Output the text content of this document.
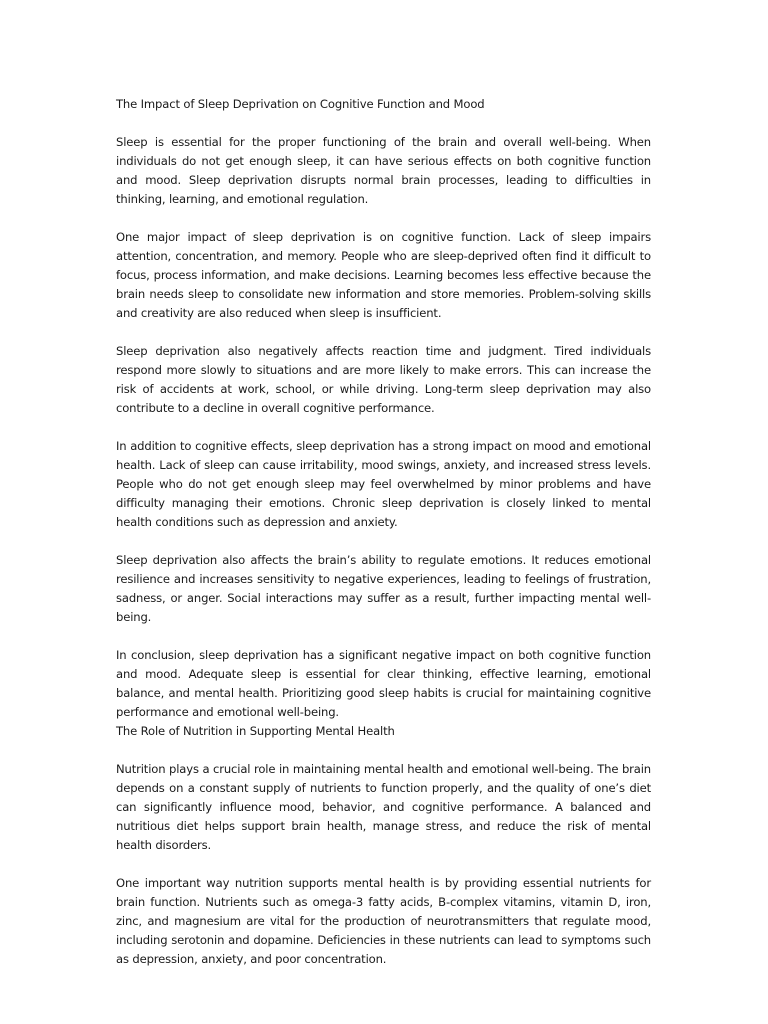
The Impact of Sleep Deprivation on Cognitive Function and Mood

Sleep is essential for the proper functioning of the brain and overall well-being. When individuals do not get enough sleep, it can have serious effects on both cognitive function and mood. Sleep deprivation disrupts normal brain processes, leading to difficulties in thinking, learning, and emotional regulation.

One major impact of sleep deprivation is on cognitive function. Lack of sleep impairs attention, concentration, and memory. People who are sleep-deprived often find it difficult to focus, process information, and make decisions. Learning becomes less effective because the brain needs sleep to consolidate new information and store memories. Problem-solving skills and creativity are also reduced when sleep is insufficient.

Sleep deprivation also negatively affects reaction time and judgment. Tired individuals respond more slowly to situations and are more likely to make errors. This can increase the risk of accidents at work, school, or while driving. Long-term sleep deprivation may also contribute to a decline in overall cognitive performance.

In addition to cognitive effects, sleep deprivation has a strong impact on mood and emotional health. Lack of sleep can cause irritability, mood swings, anxiety, and increased stress levels. People who do not get enough sleep may feel overwhelmed by minor problems and have difficulty managing their emotions. Chronic sleep deprivation is closely linked to mental health conditions such as depression and anxiety.

Sleep deprivation also affects the brain’s ability to regulate emotions. It reduces emotional resilience and increases sensitivity to negative experiences, leading to feelings of frustration, sadness, or anger. Social interactions may suffer as a result, further impacting mental well-being.

In conclusion, sleep deprivation has a significant negative impact on both cognitive function and mood. Adequate sleep is essential for clear thinking, effective learning, emotional balance, and mental health. Prioritizing good sleep habits is crucial for maintaining cognitive performance and emotional well-being.

The Role of Nutrition in Supporting Mental Health

Nutrition plays a crucial role in maintaining mental health and emotional well-being. The brain depends on a constant supply of nutrients to function properly, and the quality of one’s diet can significantly influence mood, behavior, and cognitive performance. A balanced and nutritious diet helps support brain health, manage stress, and reduce the risk of mental health disorders.

One important way nutrition supports mental health is by providing essential nutrients for brain function. Nutrients such as omega-3 fatty acids, B-complex vitamins, vitamin D, iron, zinc, and magnesium are vital for the production of neurotransmitters that regulate mood, including serotonin and dopamine. Deficiencies in these nutrients can lead to symptoms such as depression, anxiety, and poor concentration.
